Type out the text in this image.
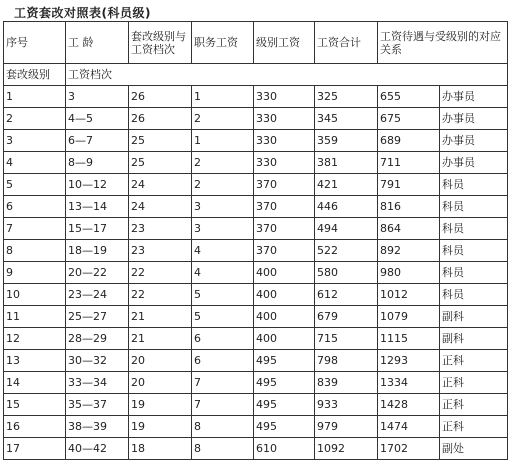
工资套改对照表(科员级)
序号	工 龄	套改级别与工资档次	职务工资	级别工资	工资合计	工资待遇与受级别的对应关系	
套改级别	工资档次						
1	3	26	1	330	325	655	办事员
2	4—5	26	2	330	345	675	办事员
3	6—7	25	1	330	359	689	办事员
4	8—9	25	2	330	381	711	办事员
5	10—12	24	2	370	421	791	科员
6	13—14	24	3	370	446	816	科员
7	15—17	23	3	370	494	864	科员
8	18—19	23	4	370	522	892	科员
9	20—22	22	4	400	580	980	科员
10	23—24	22	5	400	612	1012	科员
11	25—27	21	5	400	679	1079	副科
12	28—29	21	6	400	715	1115	副科
13	30—32	20	6	495	798	1293	正科
14	33—34	20	7	495	839	1334	正科
15	35—37	19	7	495	933	1428	正科
16	38—39	19	8	495	979	1474	正科
17	40—42	18	8	610	1092	1702	副处
